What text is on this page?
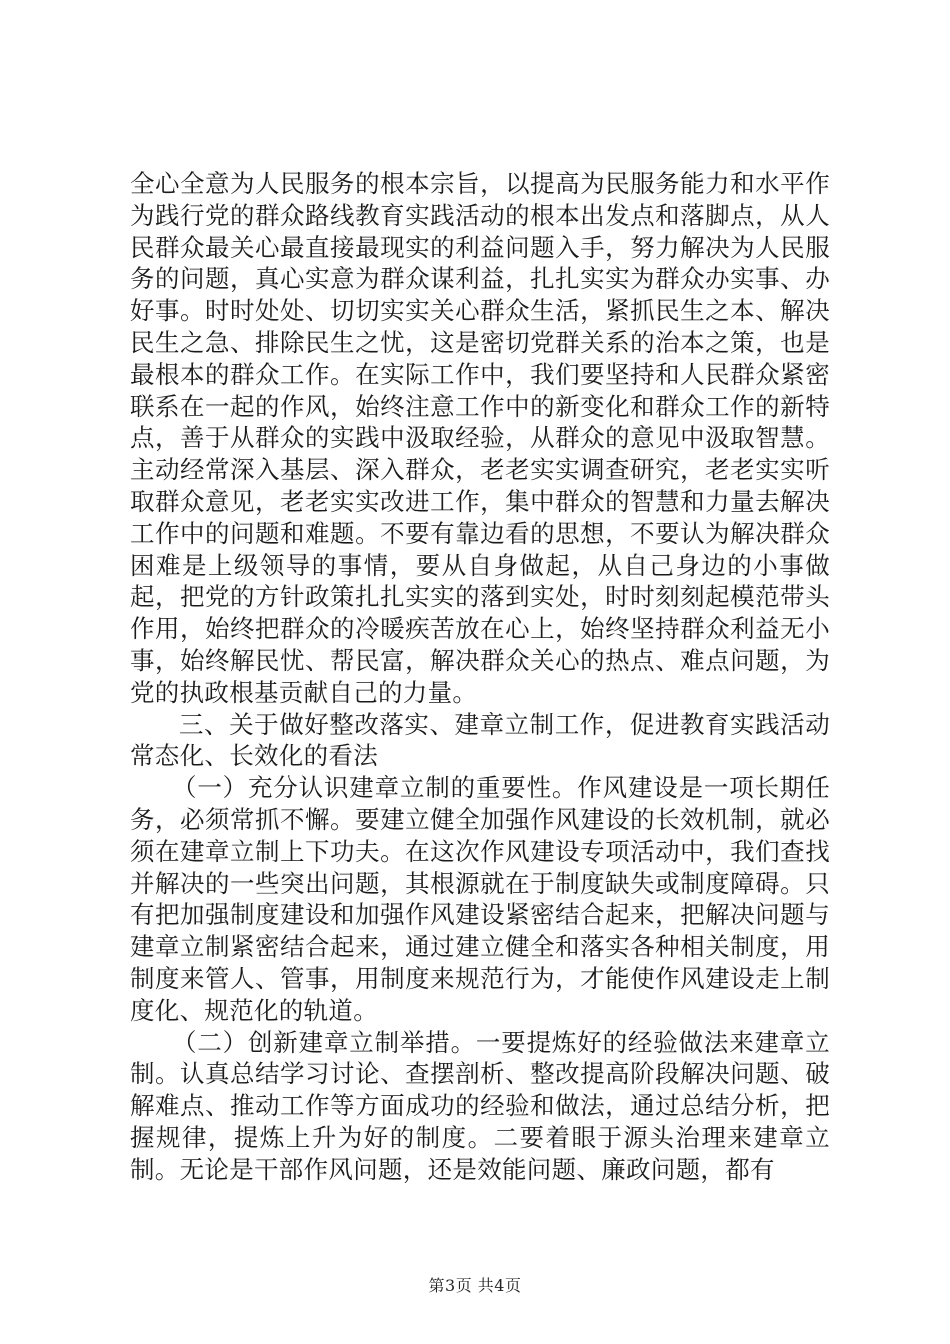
全心全意为人民服务的根本宗旨，以提高为民服务能力和水平作为践行党的群众路线教育实践活动的根本出发点和落脚点，从人民群众最关心最直接最现实的利益问题入手，努力解决为人民服务的问题，真心实意为群众谋利益，扎扎实实为群众办实事、办好事。时时处处、切切实实关心群众生活，紧抓民生之本、解决民生之急、排除民生之忧，这是密切党群关系的治本之策，也是最根本的群众工作。在实际工作中，我们要坚持和人民群众紧密联系在一起的作风，始终注意工作中的新变化和群众工作的新特点，善于从群众的实践中汲取经验，从群众的意见中汲取智慧。主动经常深入基层、深入群众，老老实实调查研究，老老实实听取群众意见，老老实实改进工作，集中群众的智慧和力量去解决工作中的问题和难题。不要有靠边看的思想，不要认为解决群众困难是上级领导的事情，要从自身做起，从自己身边的小事做起，把党的方针政策扎扎实实的落到实处，时时刻刻起模范带头作用，始终把群众的冷暖疾苦放在心上，始终坚持群众利益无小事，始终解民忧、帮民富，解决群众关心的热点、难点问题，为党的执政根基贡献自己的力量。

三、关于做好整改落实、建章立制工作，促进教育实践活动常态化、长效化的看法

（一）充分认识建章立制的重要性。作风建设是一项长期任务，必须常抓不懈。要建立健全加强作风建设的长效机制，就必须在建章立制上下功夫。在这次作风建设专项活动中，我们查找并解决的一些突出问题，其根源就在于制度缺失或制度障碍。只有把加强制度建设和加强作风建设紧密结合起来，把解决问题与建章立制紧密结合起来，通过建立健全和落实各种相关制度，用制度来管人、管事，用制度来规范行为，才能使作风建设走上制度化、规范化的轨道。

（二）创新建章立制举措。一要提炼好的经验做法来建章立制。认真总结学习讨论、查摆剖析、整改提高阶段解决问题、破解难点、推动工作等方面成功的经验和做法，通过总结分析，把握规律，提炼上升为好的制度。二要着眼于源头治理来建章立制。无论是干部作风问题，还是效能问题、廉政问题，都有

第3页 共4页
